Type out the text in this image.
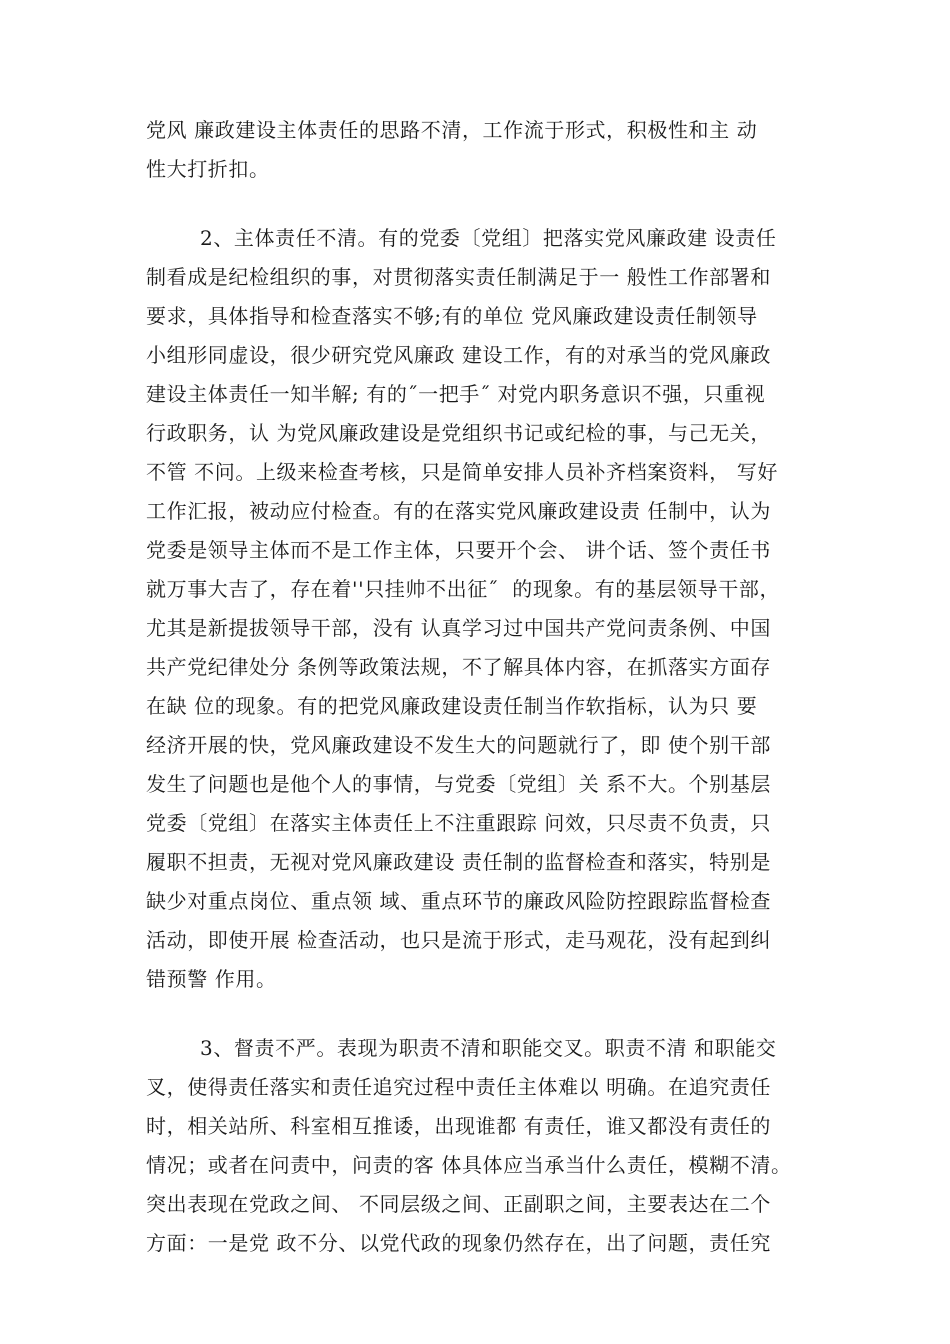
党风 廉政建设主体责任的思路不清，工作流于形式，积极性和主 动
性大打折扣。
2、主体责任不清。有的党委〔党组〕把落实党风廉政建 设责任
制看成是纪检组织的事，对贯彻落实责任制满足于一 般性工作部署和
要求，具体指导和检查落实不够;有的单位 党风廉政建设责任制领导
小组形同虚设，很少研究党风廉政 建设工作，有的对承当的党风廉政
建设主体责任一知半解; 有的˝一把手˝ 对党内职务意识不强，只重视
行政职务，认 为党风廉政建设是党组织书记或纪检的事，与己无关，
不管 不问。上级来检查考核，只是简单安排人员补齐档案资料， 写好
工作汇报，被动应付检查。有的在落实党风廉政建设责 任制中，认为
党委是领导主体而不是工作主体，只要开个会、 讲个话、签个责任书
就万事大吉了，存在着''只挂帅不出征˝  的现象。有的基层领导干部，
尤其是新提拔领导干部，没有 认真学习过中国共产党问责条例、中国
共产党纪律处分 条例等政策法规，不了解具体内容，在抓落实方面存
在缺 位的现象。有的把党风廉政建设责任制当作软指标，认为只 要
经济开展的快，党风廉政建设不发生大的问题就行了，即 使个别干部
发生了问题也是他个人的事情，与党委〔党组〕关 系不大。个别基层
党委〔党组〕在落实主体责任上不注重跟踪 问效，只尽责不负责，只
履职不担责，无视对党风廉政建设 责任制的监督检查和落实，特别是
缺少对重点岗位、重点领 域、重点环节的廉政风险防控跟踪监督检查
活动，即使开展 检查活动，也只是流于形式，走马观花，没有起到纠
错预警 作用。
3、督责不严。表现为职责不清和职能交叉。职责不清 和职能交
叉，使得责任落实和责任追究过程中责任主体难以 明确。在追究责任
时，相关站所、科室相互推诿，出现谁都 有责任，谁又都没有责任的
情况；或者在问责中，问责的客 体具体应当承当什么责任，模糊不清。
突出表现在党政之间、 不同层级之间、正副职之间，主要表达在二个
方面：一是党 政不分、以党代政的现象仍然存在，出了问题，责任究
